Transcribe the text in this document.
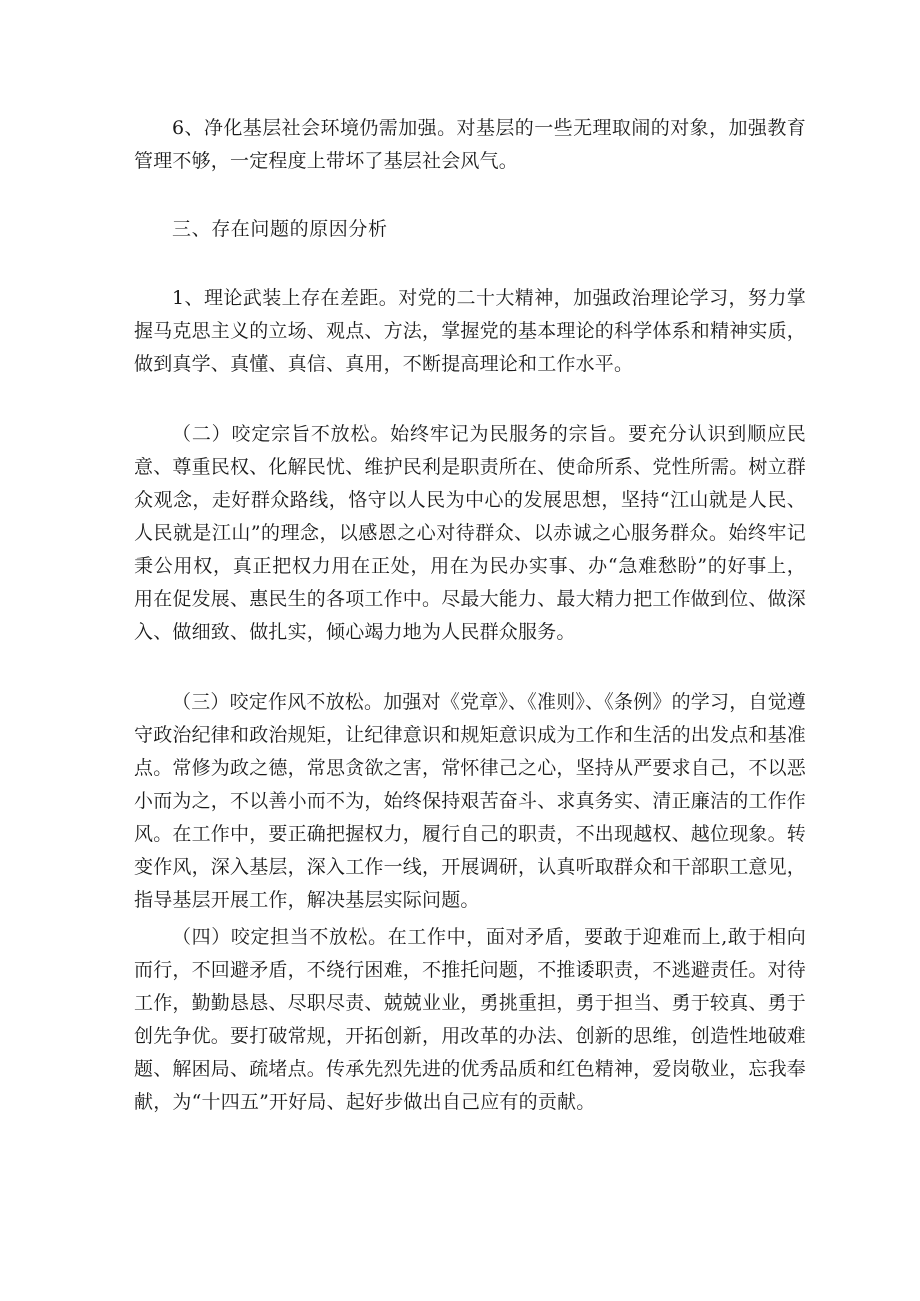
6、净化基层社会环境仍需加强。对基层的一些无理取闹的对象，加强教育管理不够，一定程度上带坏了基层社会风气。

三、存在问题的原因分析

1、理论武装上存在差距。对党的二十大精神，加强政治理论学习，努力掌握马克思主义的立场、观点、方法，掌握党的基本理论的科学体系和精神实质，做到真学、真懂、真信、真用，不断提高理论和工作水平。

（二）咬定宗旨不放松。始终牢记为民服务的宗旨。要充分认识到顺应民意、尊重民权、化解民忧、维护民利是职责所在、使命所系、党性所需。树立群众观念，走好群众路线，恪守以人民为中心的发展思想，坚持“江山就是人民、人民就是江山”的理念，以感恩之心对待群众、以赤诚之心服务群众。始终牢记秉公用权，真正把权力用在正处，用在为民办实事、办“急难愁盼”的好事上，用在促发展、惠民生的各项工作中。尽最大能力、最大精力把工作做到位、做深入、做细致、做扎实，倾心竭力地为人民群众服务。

（三）咬定作风不放松。加强对《党章》、《准则》、《条例》的学习，自觉遵守政治纪律和政治规矩，让纪律意识和规矩意识成为工作和生活的出发点和基准点。常修为政之德，常思贪欲之害，常怀律己之心，坚持从严要求自己，不以恶小而为之，不以善小而不为，始终保持艰苦奋斗、求真务实、清正廉洁的工作作风。在工作中，要正确把握权力，履行自己的职责，不出现越权、越位现象。转变作风，深入基层，深入工作一线，开展调研，认真听取群众和干部职工意见，指导基层开展工作，解决基层实际问题。

（四）咬定担当不放松。在工作中，面对矛盾，要敢于迎难而上,敢于相向而行，不回避矛盾，不绕行困难，不推托问题，不推诿职责，不逃避责任。对待工作，勤勤恳恳、尽职尽责、兢兢业业，勇挑重担，勇于担当、勇于较真、勇于创先争优。要打破常规，开拓创新，用改革的办法、创新的思维，创造性地破难题、解困局、疏堵点。传承先烈先进的优秀品质和红色精神，爱岗敬业，忘我奉献，为“十四五”开好局、起好步做出自己应有的贡献。
